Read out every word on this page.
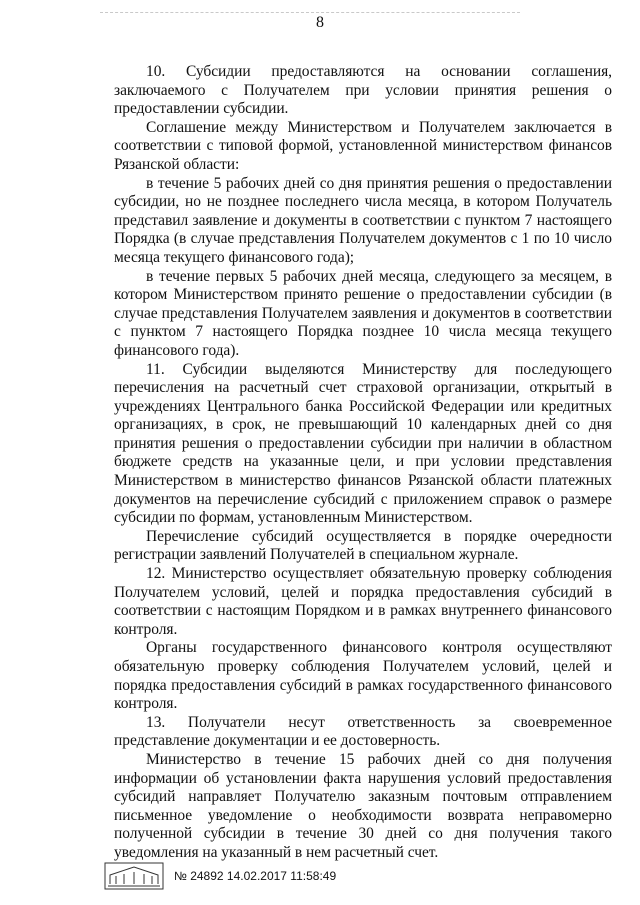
8

10. Субсидии предоставляются на основании соглашения, заключаемого с Получателем при условии принятия решения о предоставлении субсидии.

Соглашение между Министерством и Получателем заключается в соответствии с типовой формой, установленной министерством финансов Рязанской области:

в течение 5 рабочих дней со дня принятия решения о предоставлении субсидии, но не позднее последнего числа месяца, в котором Получатель представил заявление и документы в соответствии с пунктом 7 настоящего Порядка (в случае представления Получателем документов с 1 по 10 число месяца текущего финансового года);

в течение первых 5 рабочих дней месяца, следующего за месяцем, в котором Министерством принято решение о предоставлении субсидии (в случае представления Получателем заявления и документов в соответствии с пунктом 7 настоящего Порядка позднее 10 числа месяца текущего финансового года).

11. Субсидии выделяются Министерству для последующего перечисления на расчетный счет страховой организации, открытый в учреждениях Центрального банка Российской Федерации или кредитных организациях, в срок, не превышающий 10 календарных дней со дня принятия решения о предоставлении субсидии при наличии в областном бюджете средств на указанные цели, и при условии представления Министерством в министерство финансов Рязанской области платежных документов на перечисление субсидий с приложением справок о размере субсидии по формам, установленным Министерством.

Перечисление субсидий осуществляется в порядке очередности регистрации заявлений Получателей в специальном журнале.

12. Министерство осуществляет обязательную проверку соблюдения Получателем условий, целей и порядка предоставления субсидий в соответствии с настоящим Порядком и в рамках внутреннего финансового контроля.

Органы государственного финансового контроля осуществляют обязательную проверку соблюдения Получателем условий, целей и порядка предоставления субсидий в рамках государственного финансового контроля.

13. Получатели несут ответственность за своевременное представление документации и ее достоверность.

Министерство в течение 15 рабочих дней со дня получения информации об установлении факта нарушения условий предоставления субсидий направляет Получателю заказным почтовым отправлением письменное уведомление о необходимости возврата неправомерно полученной субсидии в течение 30 дней со дня получения такого уведомления на указанный в нем расчетный счет.

№ 24892 14.02.2017 11:58:49
